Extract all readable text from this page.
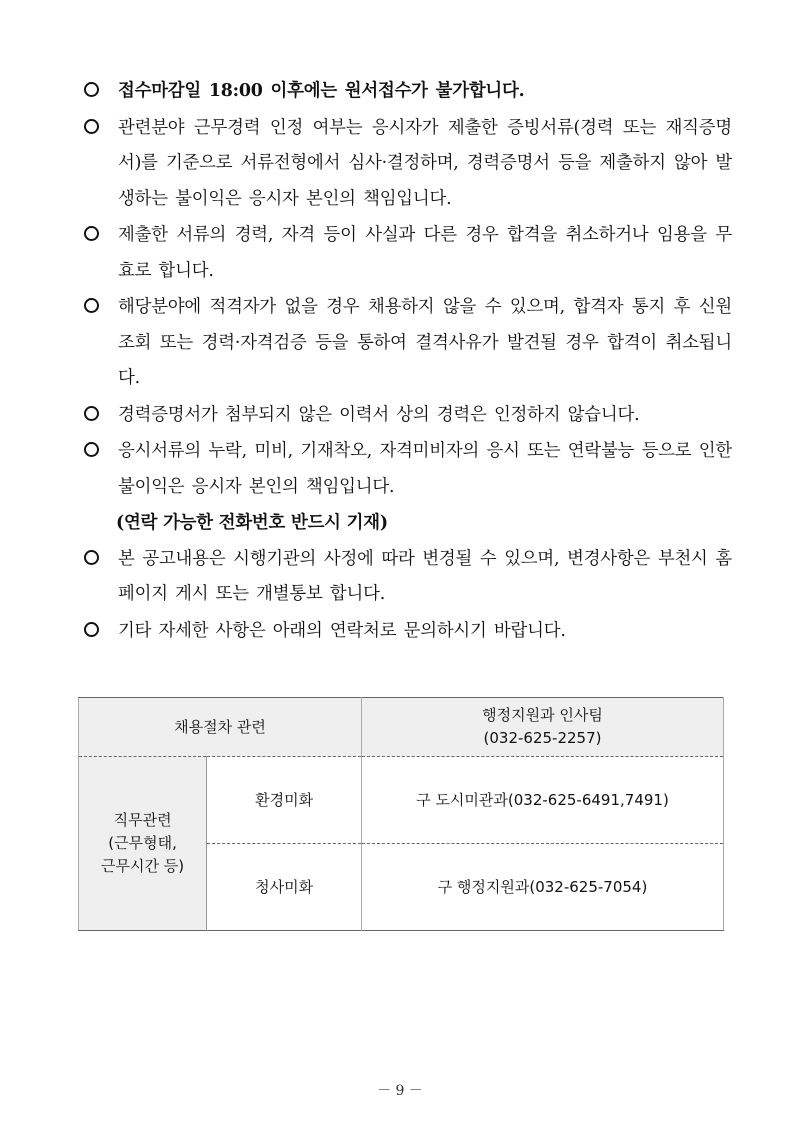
접수마감일 18:00 이후에는 원서접수가 불가합니다.
관련분야 근무경력 인정 여부는 응시자가 제출한 증빙서류(경력 또는 재직증명서)를 기준으로 서류전형에서 심사·결정하며, 경력증명서 등을 제출하지 않아 발생하는 불이익은 응시자 본인의 책임입니다.
제출한 서류의 경력, 자격 등이 사실과 다른 경우 합격을 취소하거나 임용을 무효로 합니다.
해당분야에 적격자가 없을 경우 채용하지 않을 수 있으며, 합격자 통지 후 신원조회 또는 경력·자격검증 등을 통하여 결격사유가 발견될 경우 합격이 취소됩니다.
경력증명서가 첨부되지 않은 이력서 상의 경력은 인정하지 않습니다.
응시서류의 누락, 미비, 기재착오, 자격미비자의 응시 또는 연락불능 등으로 인한 불이익은 응시자 본인의 책임입니다.
(연락 가능한 전화번호 반드시 기재)
본 공고내용은 시행기관의 사정에 따라 변경될 수 있으며, 변경사항은 부천시 홈페이지 게시 또는 개별통보 합니다.
기타 자세한 사항은 아래의 연락처로 문의하시기 바랍니다.
채용절차 관련		행정지원과 인사팀
(032-625-2257)

직무관련
(근무형태,
근무시간 등)	환경미화	구 도시미관과(032-625-6491,7491)
	청사미화	구 행정지원과(032-625-7054)
－ 9 －
